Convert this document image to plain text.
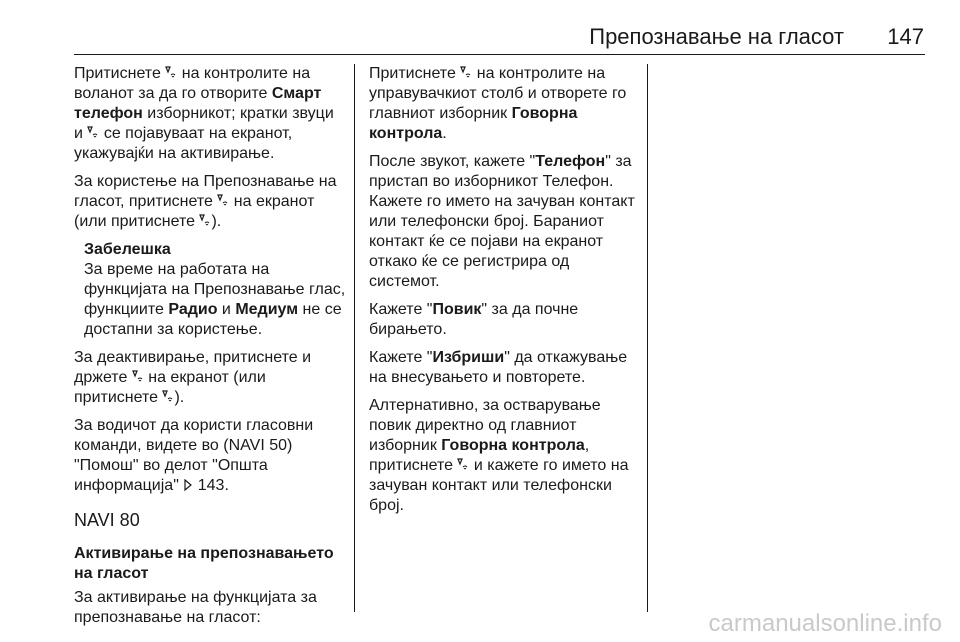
Препознавање на гласот 147

Притиснете  на контролите на воланот за да го отворите Смарт телефон изборникот; кратки звуци и  се појавуваат на екранот, укажувајќи на активирање.

За користење на Препознавање на гласот, притиснете  на екранот (или притиснете ).

Забелешка
За време на работата на функцијата на Препознавање глас, функциите Радио и Медиум не се достапни за користење.

За деактивирање, притиснете и држете  на екранот (или притиснете ).

За водичот да користи гласовни команди, видете во (NAVI 50) "Помош" во делот "Општа информација"  143.

NAVI 80
Активирање на препознавањето на гласот

За активирање на функцијата за препознавање на гласот:

Притиснете  на контролите на управувачкиот столб и отворете го главниот изборник Говорна контрола.

После звукот, кажете "Телефон" за пристап во изборникот Телефон. Кажете го името на зачуван контакт или телефонски број. Бараниот контакт ќе се појави на екранот откако ќе се регистрира од системот.

Кажете "Повик" за да почне бирањето.

Кажете "Избриши" да откажување на внесувањето и повторете.

Алтернативно, за остварување повик директно од главниот изборник Говорна контрола, притиснете  и кажете го името на зачуван контакт или телефонски број.

carmanualsonline.info
